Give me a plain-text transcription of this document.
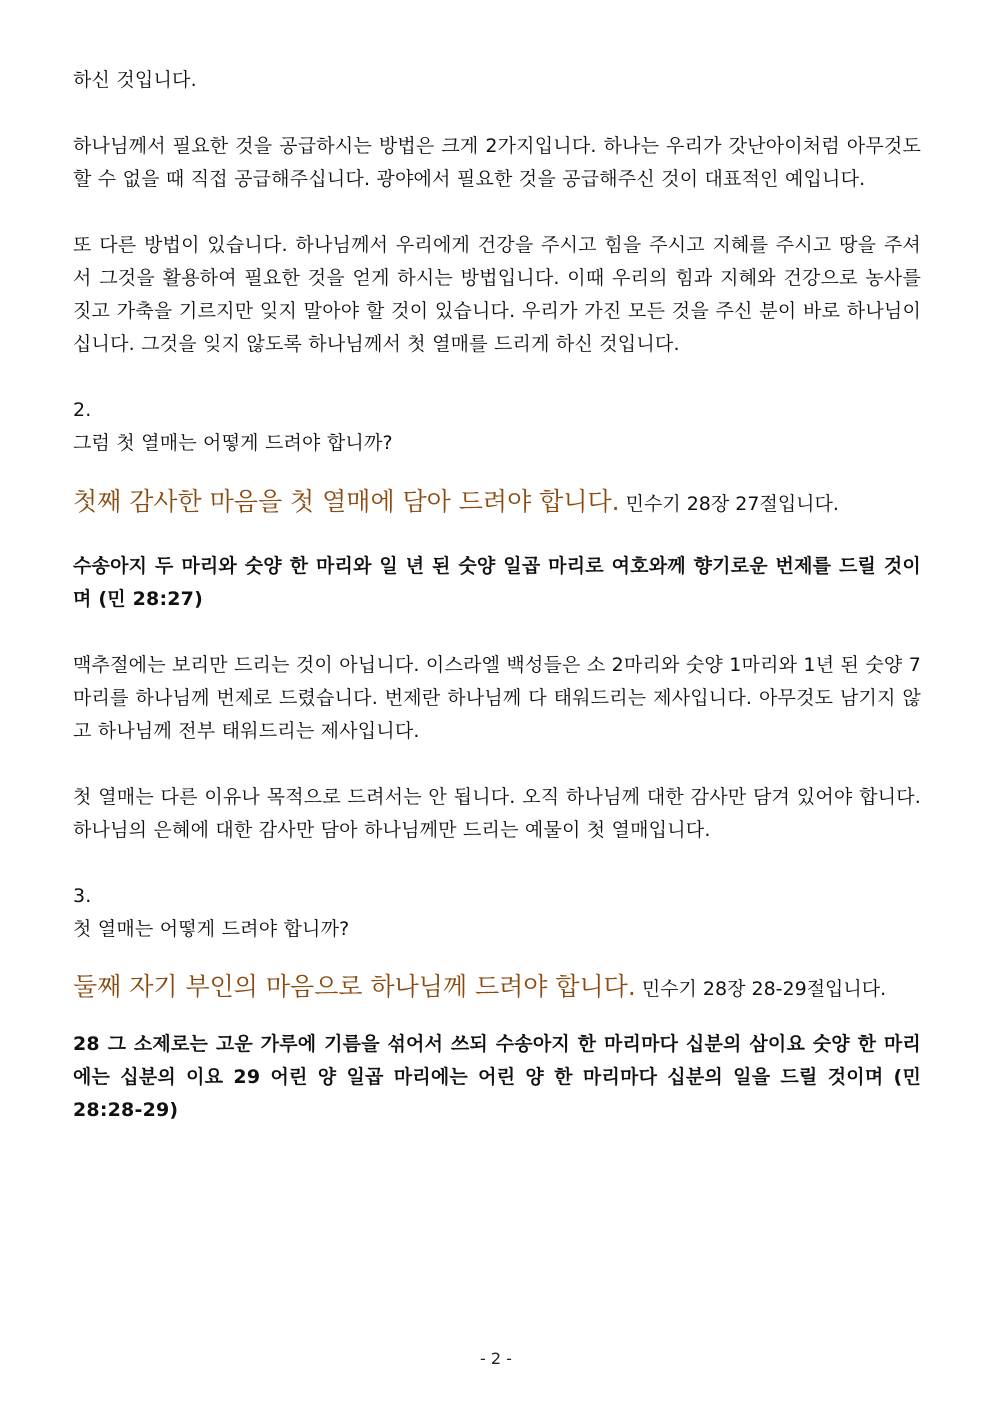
하신 것입니다.

하나님께서 필요한 것을 공급하시는 방법은 크게 2가지입니다. 하나는 우리가 갓난아이처럼 아무것도 할 수 없을 때 직접 공급해주십니다. 광야에서 필요한 것을 공급해주신 것이 대표적인 예입니다.

또 다른 방법이 있습니다. 하나님께서 우리에게 건강을 주시고 힘을 주시고 지혜를 주시고 땅을 주셔서 그것을 활용하여 필요한 것을 얻게 하시는 방법입니다. 이때 우리의 힘과 지혜와 건강으로 농사를 짓고 가축을 기르지만 잊지 말아야 할 것이 있습니다. 우리가 가진 모든 것을 주신 분이 바로 하나님이십니다. 그것을 잊지 않도록 하나님께서 첫 열매를 드리게 하신 것입니다.

2.

그럼 첫 열매는 어떻게 드려야 합니까?

첫째 감사한 마음을 첫 열매에 담아 드려야 합니다. 민수기 28장 27절입니다.

수송아지 두 마리와 숫양 한 마리와 일 년 된 숫양 일곱 마리로 여호와께 향기로운 번제를 드릴 것이며 (민 28:27)

맥추절에는 보리만 드리는 것이 아닙니다. 이스라엘 백성들은 소 2마리와 숫양 1마리와 1년 된 숫양 7마리를 하나님께 번제로 드렸습니다. 번제란 하나님께 다 태워드리는 제사입니다. 아무것도 남기지 않고 하나님께 전부 태워드리는 제사입니다.

첫 열매는 다른 이유나 목적으로 드려서는 안 됩니다. 오직 하나님께 대한 감사만 담겨 있어야 합니다. 하나님의 은혜에 대한 감사만 담아 하나님께만 드리는 예물이 첫 열매입니다.

3.

첫 열매는 어떻게 드려야 합니까?

둘째 자기 부인의 마음으로 하나님께 드려야 합니다. 민수기 28장 28-29절입니다.

28 그 소제로는 고운 가루에 기름을 섞어서 쓰되 수송아지 한 마리마다 십분의 삼이요 숫양 한 마리에는 십분의 이요 29 어린 양 일곱 마리에는 어린 양 한 마리마다 십분의 일을 드릴 것이며 (민 28:28-29)

- 2 -
